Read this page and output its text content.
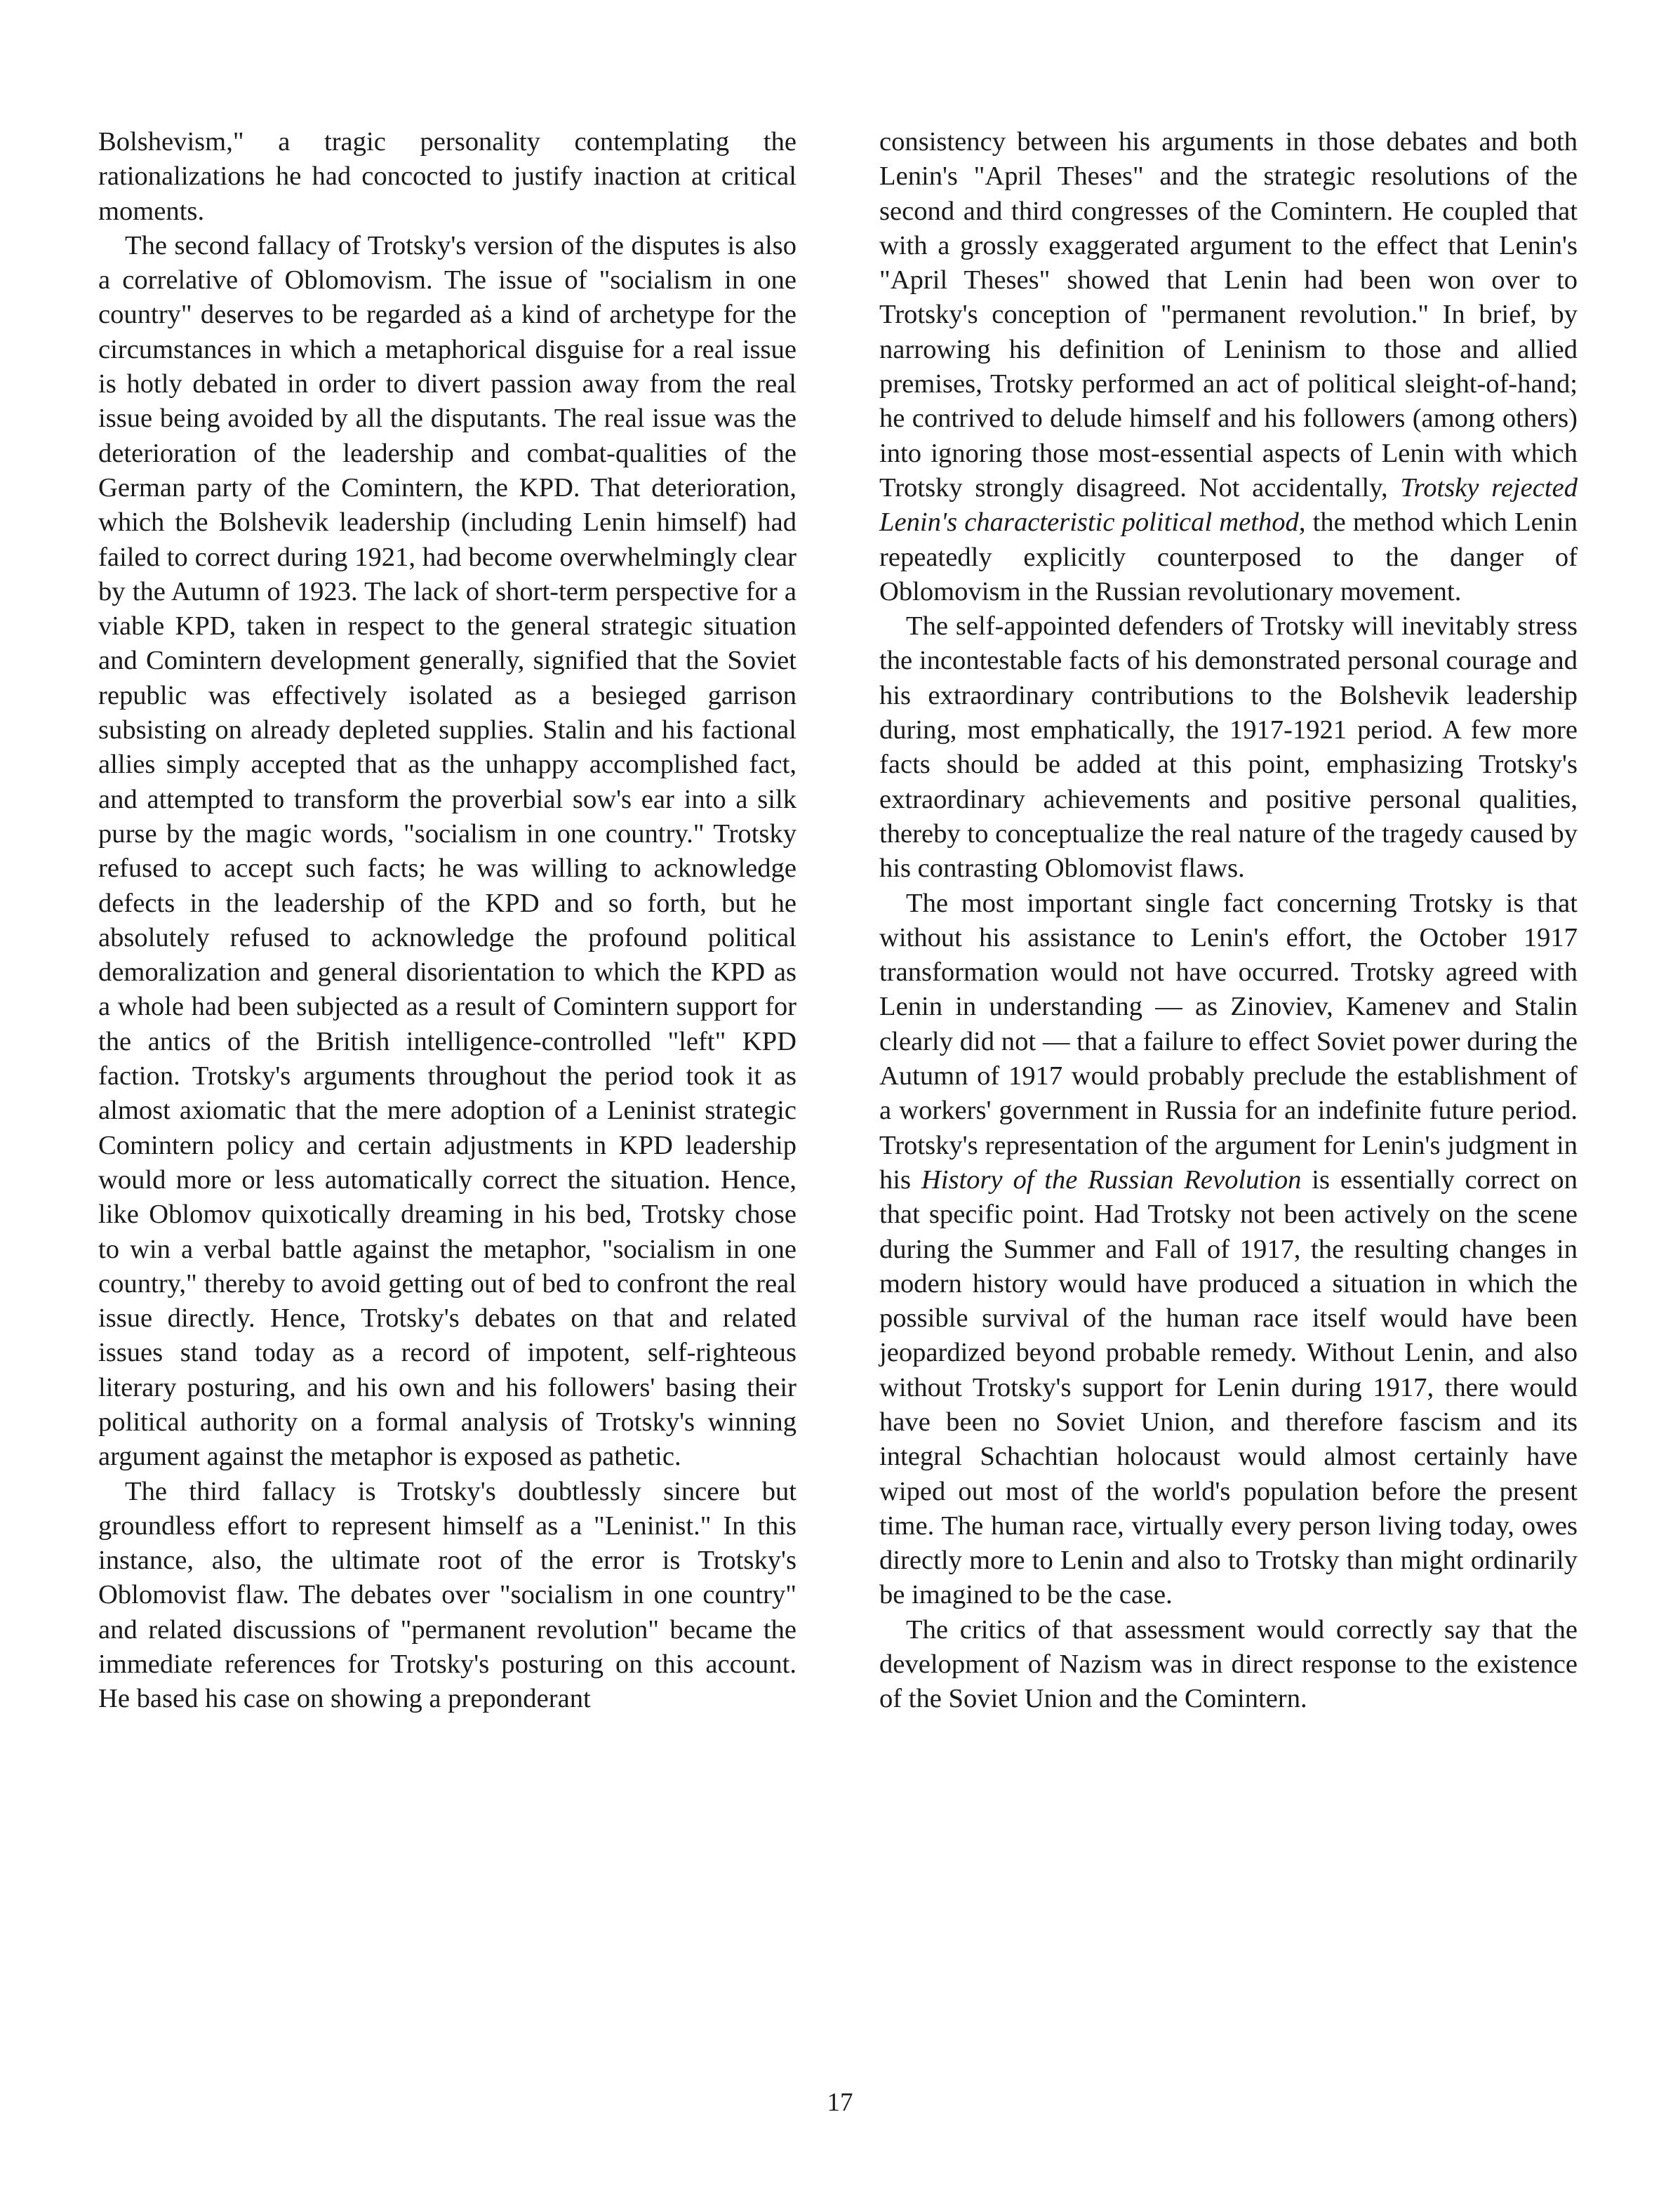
Bolshevism," a tragic personality contemplating the rationalizations he had concocted to justify inaction at critical moments.

The second fallacy of Trotsky's version of the disputes is also a correlative of Oblomovism. The issue of "socialism in one country" deserves to be regarded aṡ a kind of archetype for the circumstances in which a metaphorical disguise for a real issue is hotly debated in order to divert passion away from the real issue being avoided by all the disputants. The real issue was the deterioration of the leadership and combat-qualities of the German party of the Comintern, the KPD. That deterioration, which the Bolshevik leadership (including Lenin himself) had failed to correct during 1921, had become overwhelmingly clear by the Autumn of 1923. The lack of short-term perspective for a viable KPD, taken in respect to the general strategic situation and Comintern development generally, signified that the Soviet republic was effectively isolated as a besieged garrison subsisting on already depleted supplies. Stalin and his factional allies simply accepted that as the unhappy accomplished fact, and attempted to transform the proverbial sow's ear into a silk purse by the magic words, "socialism in one country." Trotsky refused to accept such facts; he was willing to acknowledge defects in the leadership of the KPD and so forth, but he absolutely refused to acknowledge the profound political demoralization and general disorientation to which the KPD as a whole had been subjected as a result of Comintern support for the antics of the British intelligence-controlled "left" KPD faction. Trotsky's arguments throughout the period took it as almost axiomatic that the mere adoption of a Leninist strategic Comintern policy and certain adjustments in KPD leadership would more or less automatically correct the situation. Hence, like Oblomov quixotically dreaming in his bed, Trotsky chose to win a verbal battle against the metaphor, "socialism in one country," thereby to avoid getting out of bed to confront the real issue directly. Hence, Trotsky's debates on that and related issues stand today as a record of impotent, self-righteous literary posturing, and his own and his followers' basing their political authority on a formal analysis of Trotsky's winning argument against the metaphor is exposed as pathetic.

The third fallacy is Trotsky's doubtlessly sincere but groundless effort to represent himself as a "Leninist." In this instance, also, the ultimate root of the error is Trotsky's Oblomovist flaw. The debates over "socialism in one country" and related discussions of "permanent revolution" became the immediate references for Trotsky's posturing on this account. He based his case on showing a preponderant

consistency between his arguments in those debates and both Lenin's "April Theses" and the strategic resolutions of the second and third congresses of the Comintern. He coupled that with a grossly exaggerated argument to the effect that Lenin's "April Theses" showed that Lenin had been won over to Trotsky's conception of "permanent revolution." In brief, by narrowing his definition of Leninism to those and allied premises, Trotsky performed an act of political sleight-of-hand; he contrived to delude himself and his followers (among others) into ignoring those most-essential aspects of Lenin with which Trotsky strongly disagreed. Not accidentally, Trotsky rejected Lenin's characteristic political method, the method which Lenin repeatedly explicitly counterposed to the danger of Oblomovism in the Russian revolutionary movement.

The self-appointed defenders of Trotsky will inevitably stress the incontestable facts of his demonstrated personal courage and his extraordinary contributions to the Bolshevik leadership during, most emphatically, the 1917-1921 period. A few more facts should be added at this point, emphasizing Trotsky's extraordinary achievements and positive personal qualities, thereby to conceptualize the real nature of the tragedy caused by his contrasting Oblomovist flaws.

The most important single fact concerning Trotsky is that without his assistance to Lenin's effort, the October 1917 transformation would not have occurred. Trotsky agreed with Lenin in understanding — as Zinoviev, Kamenev and Stalin clearly did not — that a failure to effect Soviet power during the Autumn of 1917 would probably preclude the establishment of a workers' government in Russia for an indefinite future period. Trotsky's representation of the argument for Lenin's judgment in his History of the Russian Revolution is essentially correct on that specific point. Had Trotsky not been actively on the scene during the Summer and Fall of 1917, the resulting changes in modern history would have produced a situation in which the possible survival of the human race itself would have been jeopardized beyond probable remedy. Without Lenin, and also without Trotsky's support for Lenin during 1917, there would have been no Soviet Union, and therefore fascism and its integral Schachtian holocaust would almost certainly have wiped out most of the world's population before the present time. The human race, virtually every person living today, owes directly more to Lenin and also to Trotsky than might ordinarily be imagined to be the case.

The critics of that assessment would correctly say that the development of Nazism was in direct response to the existence of the Soviet Union and the Comintern.

17
